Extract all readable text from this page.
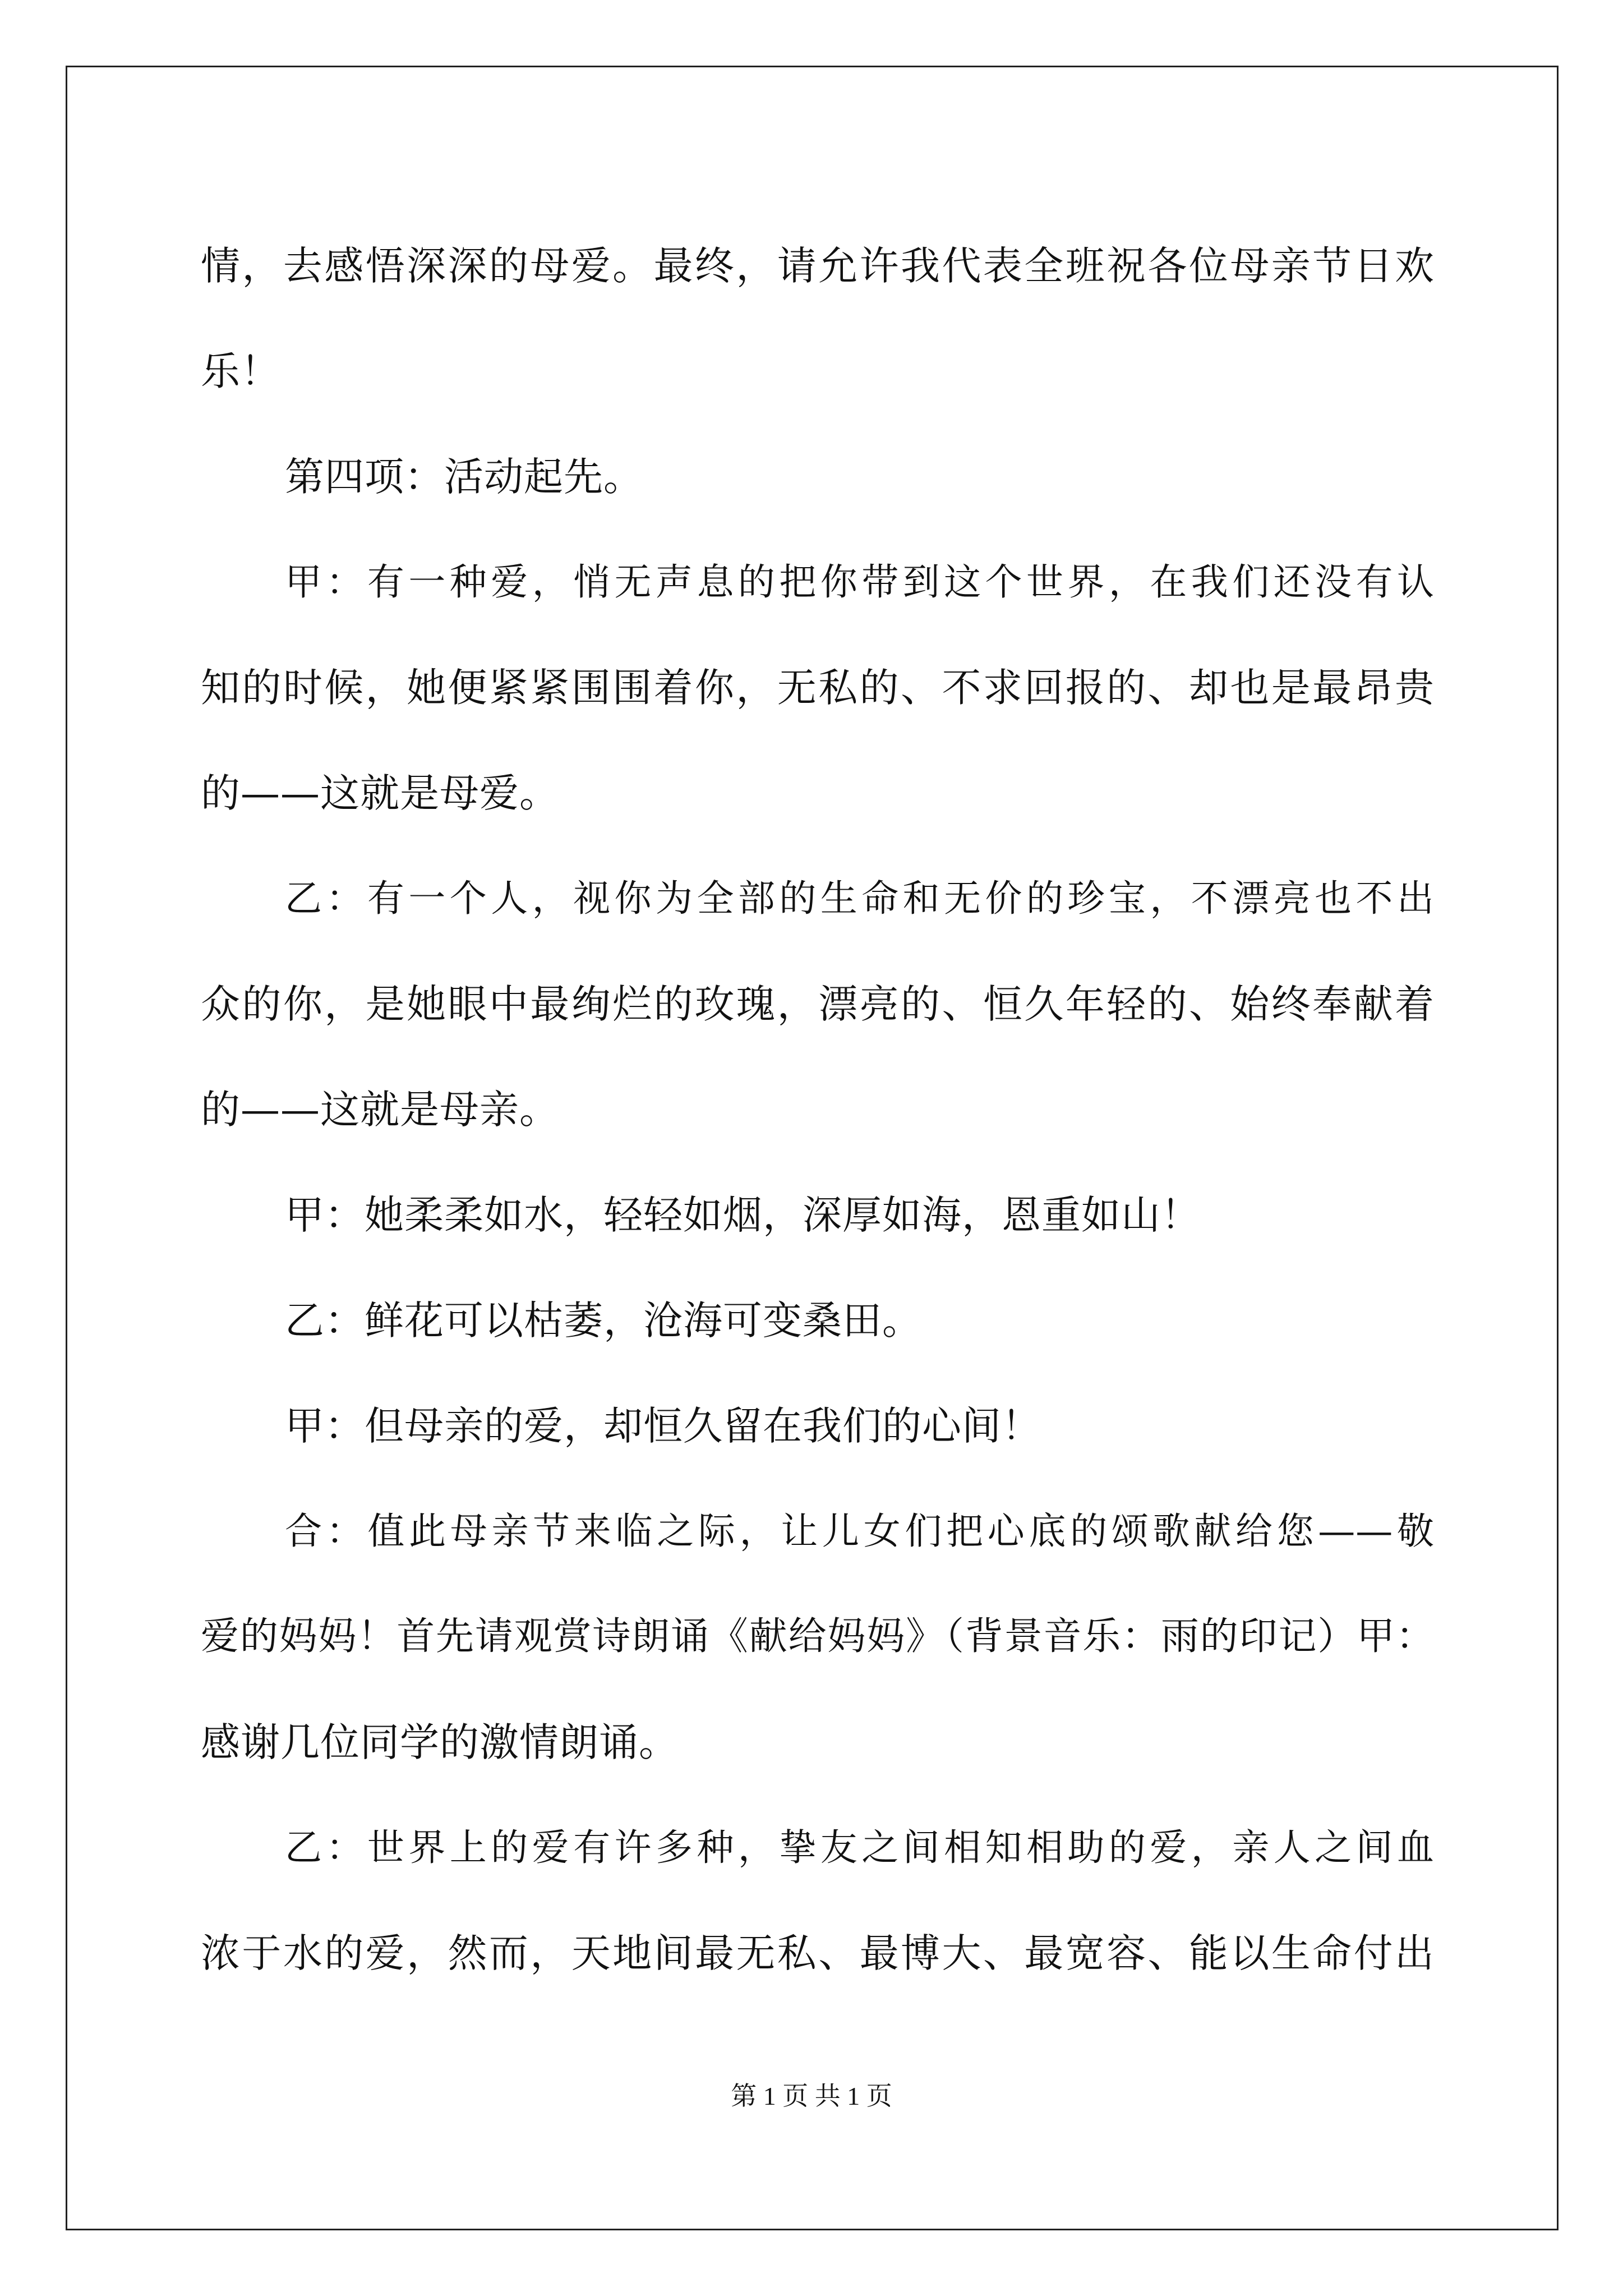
情，去感悟深深的母爱。最终，请允许我代表全班祝各位母亲节日欢
乐！
第四项：活动起先。
甲：有一种爱，悄无声息的把你带到这个世界，在我们还没有认
知的时候，她便紧紧围围着你，无私的、不求回报的、却也是最昂贵
的——这就是母爱。
乙：有一个人，视你为全部的生命和无价的珍宝，不漂亮也不出
众的你，是她眼中最绚烂的玫瑰，漂亮的、恒久年轻的、始终奉献着
的——这就是母亲。
甲：她柔柔如水，轻轻如烟，深厚如海，恩重如山！
乙：鲜花可以枯萎，沧海可变桑田。
甲：但母亲的爱，却恒久留在我们的心间！
合：值此母亲节来临之际，让儿女们把心底的颂歌献给您——敬
爱的妈妈！首先请观赏诗朗诵《献给妈妈》（背景音乐：雨的印记）甲：
感谢几位同学的激情朗诵。
乙：世界上的爱有许多种，挚友之间相知相助的爱，亲人之间血
浓于水的爱，然而，天地间最无私、最博大、最宽容、能以生命付出
第 1 页 共 1 页
